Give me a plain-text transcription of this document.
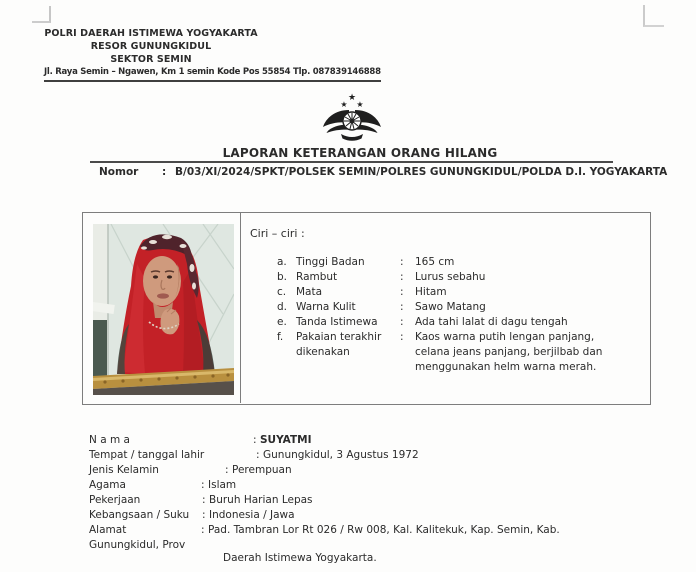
POLRI DAERAH ISTIMEWA YOGYAKARTA
RESOR GUNUNGKIDUL
SEKTOR SEMIN
Jl. Raya Semin – Ngawen, Km 1 semin Kode Pos 55854 Tlp. 087839146888
★
★ ★
LAPORAN KETERANGAN ORANG HILANG
Nomor : B/03/XI/2024/SPKT/POLSEK SEMIN/POLRES GUNUNGKIDUL/POLDA D.I. YOGYAKARTA
Ciri – ciri :
a. Tinggi Badan	: 165 cm
b. Rambut	: Lurus sebahu
c. Mata	: Hitam
d. Warna Kulit	: Sawo Matang
e. Tanda Istimewa : Ada tahi lalat di dagu tengah
f. Pakaian terakhir
dikenakan
: Kaos warna putih lengan panjang,
celana jeans panjang, berjilbab dan
menggunakan helm warna merah.
N a m a	: SUYATMI
Tempat / tanggal lahir	: Gunungkidul, 3 Agustus 1972
Jenis Kelamin	: Perempuan
Agama	: Islam
Pekerjaan	: Buruh Harian Lepas
Kebangsaan / Suku : Indonesia / Jawa
Alamat	: Pad. Tambran Lor Rt 026 / Rw 008, Kal. Kalitekuk, Kap. Semin, Kab.
Gunungkidul, Prov
Daerah Istimewa Yogyakarta.
